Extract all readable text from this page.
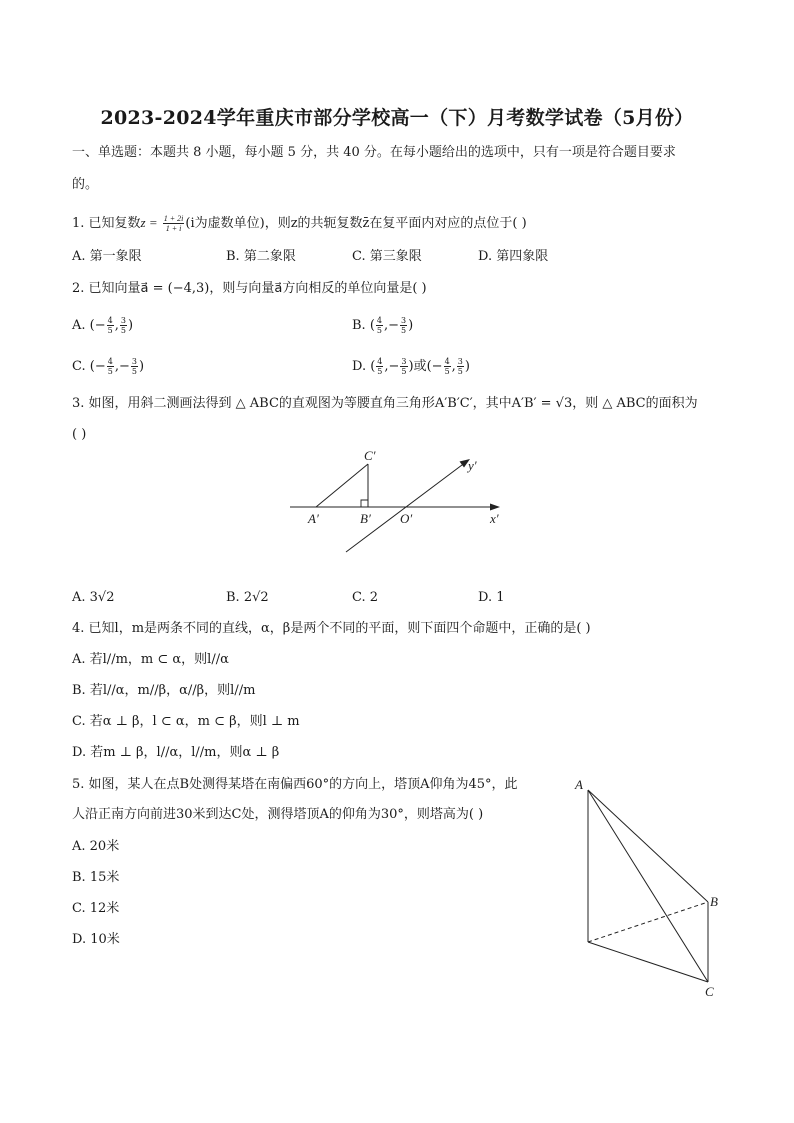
2023-2024学年重庆市部分学校高一（下）月考数学试卷（5月份）
一、单选题：本题共 8 小题，每小题 5 分，共 40 分。在每小题给出的选项中，只有一项是符合题目要求
的。
1. 已知复数$z = \frac{1 + 2i}{1 + i} (i$为虚数单位)，则z的共轭复数z̄在复平面内对应的点位于( )
A. 第一象限	B. 第二象限	C. 第三象限	D. 第四象限
2. 已知向量a⃗ = (−4,3)，则与向量a⃗方向相反的单位向量是( )
A. (− $\frac{4}{5}$ , $\frac{3}{5}$ )	B. ( $\frac{4}{5}$ ,− $\frac{3}{5}$ )
C. (− $\frac{4}{5}$ ,− $\frac{3}{5}$ )	D. ( $\frac{4}{5}$ ,− $\frac{3}{5}$ )或(− $\frac{4}{5}$ , $\frac{3}{5}$ )
3. 如图，用斜二测画法得到 △ ABC的直观图为等腰直角三角形A′B′C′，其中A′B′ = √3，则 △ ABC的面积为
( )
C′
A′	B′ O′	x′
y′
A. 3√2	B. 2√2	C. 2	D. 1
4. 已知l，m是两条不同的直线，α，β是两个不同的平面，则下面四个命题中，正确的是( )
A. 若l//m，m ⊂ α，则l//α
B. 若l//α，m//β，α//β，则l//m
C. 若α ⊥ β，l ⊂ α，m ⊂ β，则l ⊥ m
D. 若m ⊥ β，l//α，l//m，则α ⊥ β
5. 如图，某人在点B处测得某塔在南偏西60°的方向上，塔顶A仰角为45°，此
人沿正南方向前进30米到达C处，测得塔顶A的仰角为30°，则塔高为( )
A. 20米
B. 15米
C. 12米
D. 10米
A
B
C
